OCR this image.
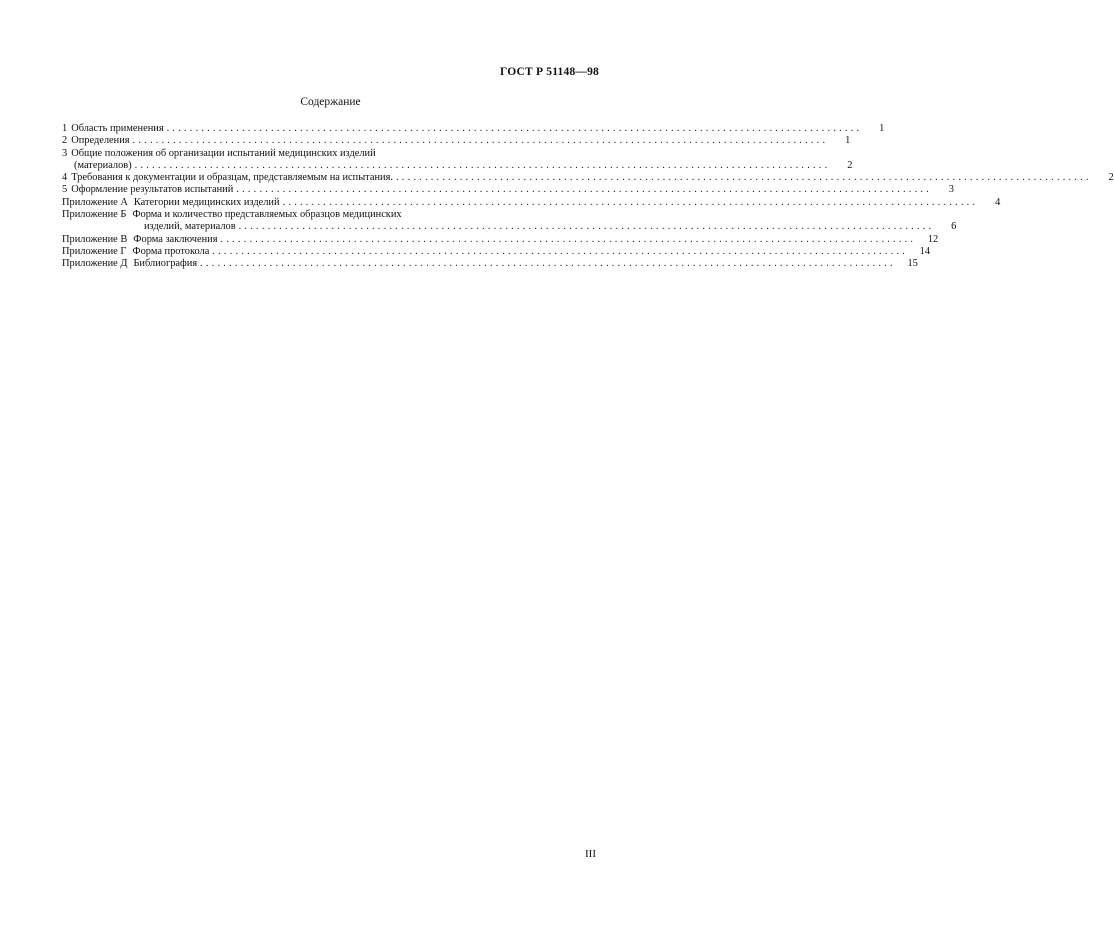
ГОСТ Р 51148—98
Содержание
1 Область применения ........................................................................................................................	1
2 Определения ........................................................................................................................	1
3 Общие положения об организации испытаний медицинских изделий
(материалов) ........................................................................................................................	2
4 Требования к документации и образцам, представляемым на испытания. ........................................................................................................................	2
5 Оформление результатов испытаний ........................................................................................................................	3
Приложение А Категории медицинских изделий ........................................................................................................................	4
Приложение Б Форма и количество представляемых образцов медицинских
изделий, материалов ........................................................................................................................	6
Приложение В Форма заключения ........................................................................................................................	12
Приложение Г Форма протокола ........................................................................................................................	14
Приложение Д Библиография ........................................................................................................................	15
III
